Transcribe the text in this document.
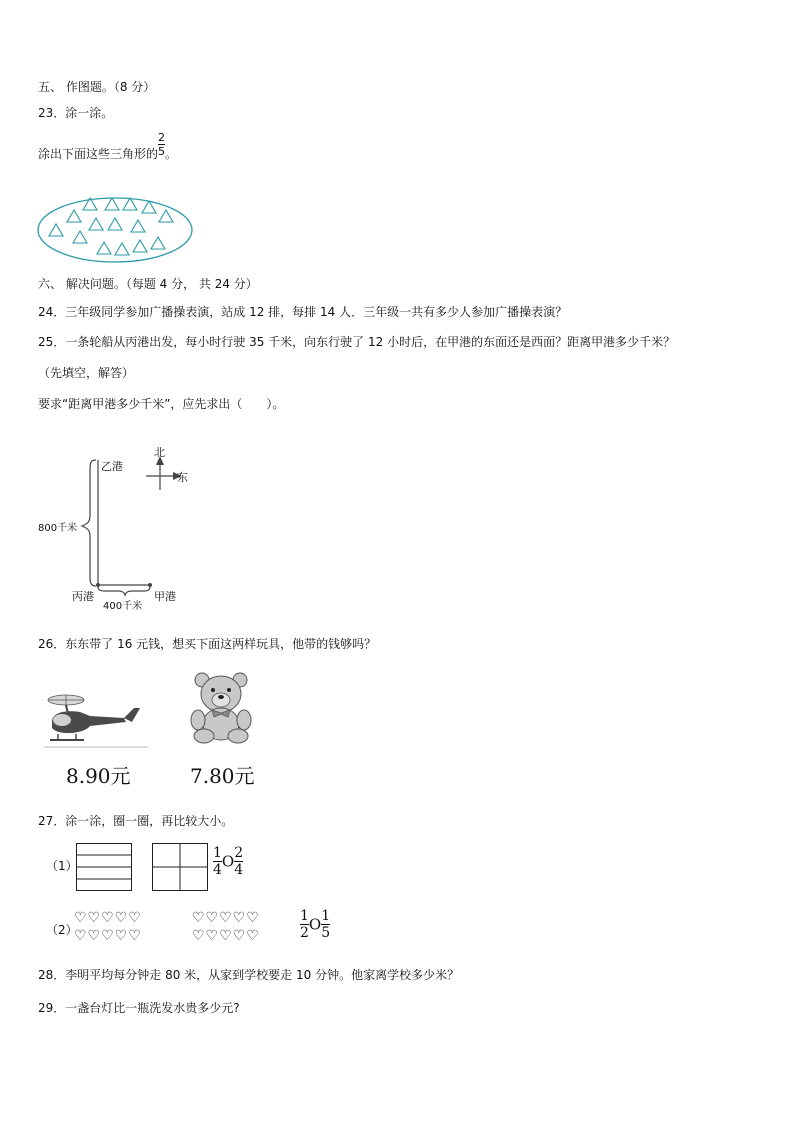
五、 作图题。（8 分）
23．涂一涂。
涂出下面这些三角形的 $\frac{2}{5}$ 。
六、 解决问题。（每题 4 分， 共 24 分）
24．三年级同学参加广播操表演，站成 12 排，每排 14 人．三年级一共有多少人参加广播操表演？
25．一条轮船从丙港出发，每小时行驶 35 千米，向东行驶了 12 小时后，在甲港的东面还是西面？距离甲港多少千米？
（先填空，解答）
要求“距离甲港多少千米”，应先求出（　　）。
乙港
北
东
800千米
丙港
400千米
甲港
26．东东带了 16 元钱，想买下面这两样玩具，他带的钱够吗？
8.90元	7.80元
27．涂一涂，圈一圈，再比较大小。
（1）	$\frac{1}{4}$ O $\frac{2}{4}$
（2）
♡♡♡♡♡
♡♡♡♡♡
♡♡♡♡♡
♡♡♡♡♡	$\frac{1}{2}$ O $\frac{1}{5}$
28．李明平均每分钟走 80 米，从家到学校要走 10 分钟。他家离学校多少米？
29．一盏台灯比一瓶洗发水贵多少元?
